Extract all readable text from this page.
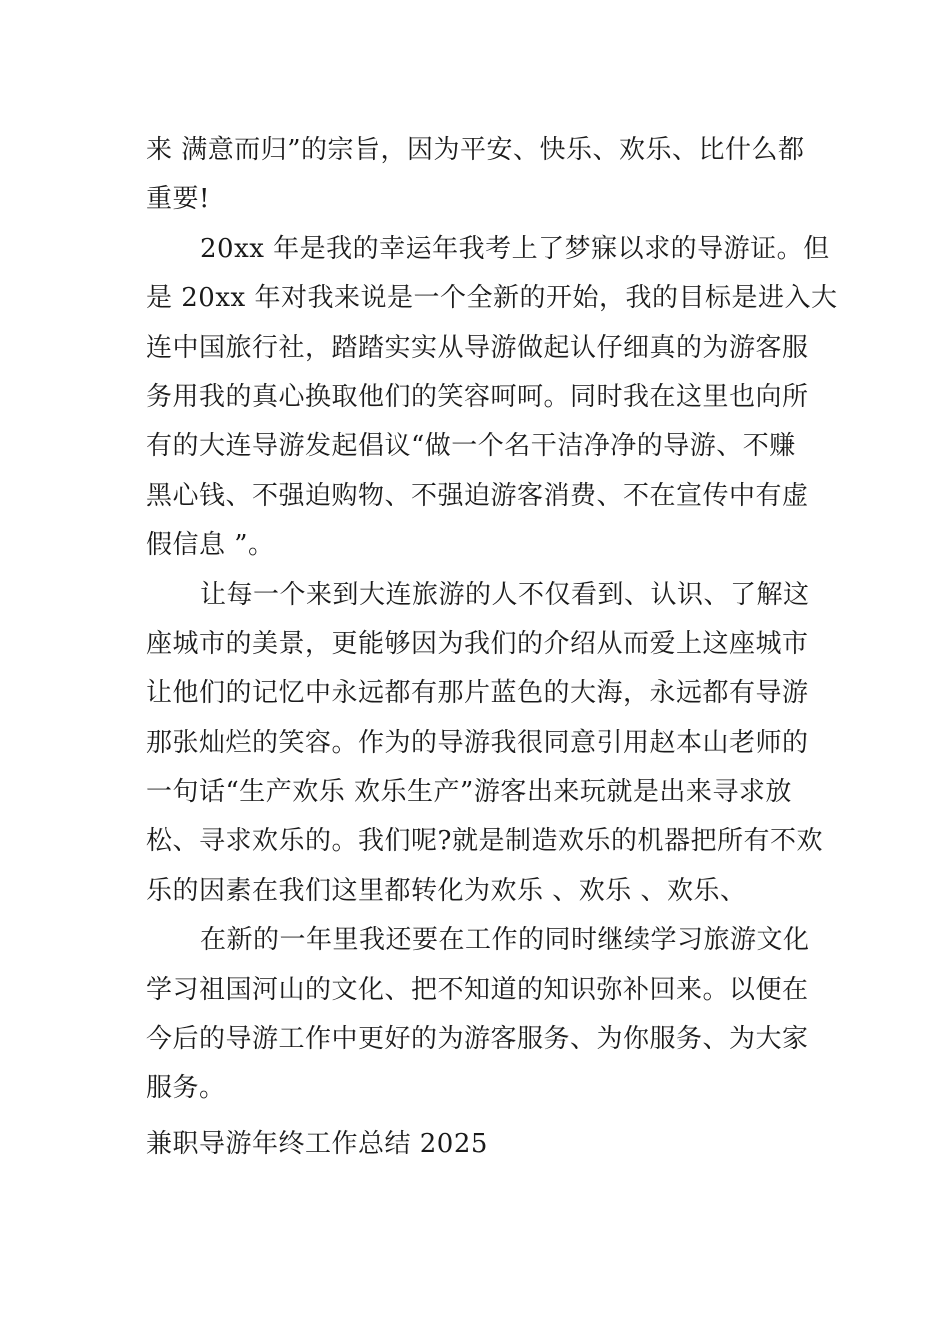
来 满意而归”的宗旨，因为平安、快乐、欢乐、比什么都
重要!
20xx 年是我的幸运年我考上了梦寐以求的导游证。但
是 20xx 年对我来说是一个全新的开始，我的目标是进入大
连中国旅行社，踏踏实实从导游做起认仔细真的为游客服
务用我的真心换取他们的笑容呵呵。同时我在这里也向所
有的大连导游发起倡议“做一个名干洁净净的导游、不赚
黑心钱、不强迫购物、不强迫游客消费、不在宣传中有虚
假信息 ”。
让每一个来到大连旅游的人不仅看到、认识、了解这
座城市的美景，更能够因为我们的介绍从而爱上这座城市
让他们的记忆中永远都有那片蓝色的大海，永远都有导游
那张灿烂的笑容。作为的导游我很同意引用赵本山老师的
一句话“生产欢乐 欢乐生产”游客出来玩就是出来寻求放
松、寻求欢乐的。我们呢?就是制造欢乐的机器把所有不欢
乐的因素在我们这里都转化为欢乐 、欢乐 、欢乐、
在新的一年里我还要在工作的同时继续学习旅游文化
学习祖国河山的文化、把不知道的知识弥补回来。以便在
今后的导游工作中更好的为游客服务、为你服务、为大家
服务。
兼职导游年终工作总结 2025
